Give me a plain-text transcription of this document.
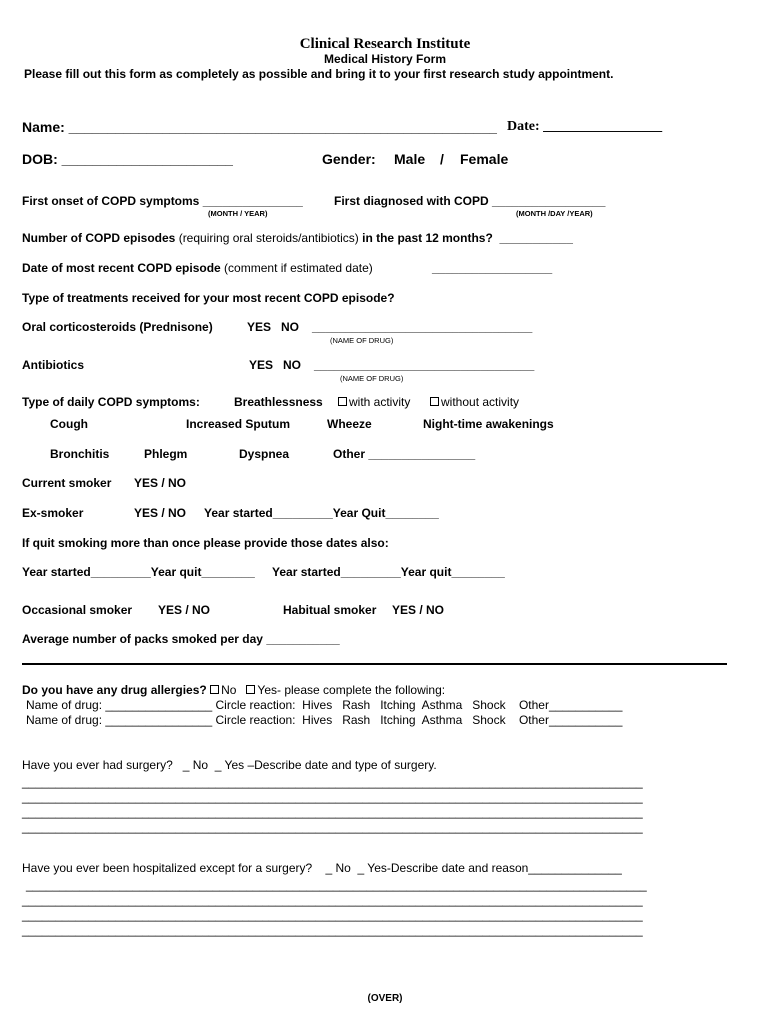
Clinical Research Institute
Medical History Form
Please fill out this form as completely as possible and bring it to your first research study appointment.
Name: _______________________________________________________ Date: _________________
DOB: ______________________	Gender: Male / Female
First onset of COPD symptoms _______________
(MONTH / YEAR)
First diagnosed with COPD _________________
(MONTH /DAY /YEAR)
Number of COPD episodes (requiring oral steroids/antibiotics) in the past 12 months?  ___________
Date of most recent COPD episode (comment if estimated date)	__________________
Type of treatments received for your most recent COPD episode?
Oral corticosteroids (Prednisone)	YES   NO _________________________________
(NAME OF DRUG)
Antibiotics	YES   NO _________________________________
(NAME OF DRUG)
Type of daily COPD symptoms:	Breathlessness	with activity	without activity
Cough	Increased Sputum	Wheeze	Night-time awakenings
Bronchitis	Phlegm	Dyspnea	Other ________________
Current smoker YES / NO
Ex-smoker	YES / NO Year started_________Year Quit________
If quit smoking more than once please provide those dates also:
Year started_________Year quit________ Year started_________Year quit________
Occasional smoker YES / NO	Habitual smoker YES / NO
Average number of packs smoked per day ___________
Do you have any drug allergies? No Yes- please complete the following:
Name of drug: ________________ Circle reaction:  Hives   Rash   Itching  Asthma   Shock    Other___________
Name of drug: ________________ Circle reaction:  Hives   Rash   Itching  Asthma   Shock    Other___________
Have you ever had surgery?   _ No  _ Yes –Describe date and type of surgery.
_____________________________________________________________________________________________
_____________________________________________________________________________________________
_____________________________________________________________________________________________
_____________________________________________________________________________________________
Have you ever been hospitalized except for a surgery?    _ No  _ Yes-Describe date and reason______________
_____________________________________________________________________________________________
_____________________________________________________________________________________________
_____________________________________________________________________________________________
_____________________________________________________________________________________________
(OVER)
